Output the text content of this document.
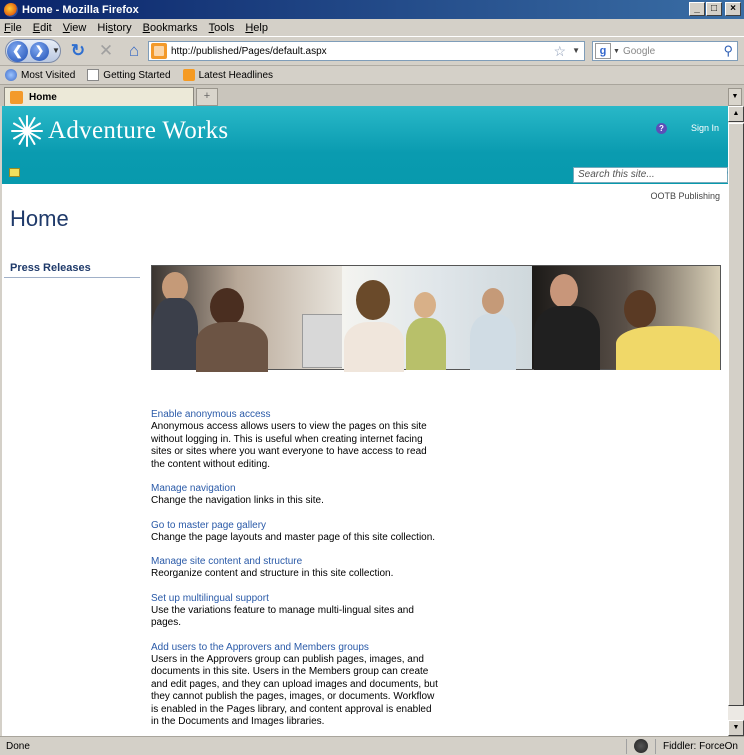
Home - Mozilla Firefox	_	□	×
File Edit View History Bookmarks Tools Help
❮	❯ ▼ ↻ ✕ ⌂	http://published/Pages/default.aspx	☆ ▼	g ▼ Google	⚲
Most Visited	Getting Started	Latest Headlines
Home	+	▼
Adventure Works	?	Sign In
Search this site...
OOTB Publishing
Home
Press Releases
Enable anonymous access
Anonymous access allows users to view the pages on this site without logging in. This is useful when creating internet facing sites or sites where you want everyone to have access to read the content without editing.
Manage navigation
Change the navigation links in this site.
Go to master page gallery
Change the page layouts and master page of this site collection.
Manage site content and structure
Reorganize content and structure in this site collection.
Set up multilingual support
Use the variations feature to manage multi-lingual sites and pages.
Add users to the Approvers and Members groups
Users in the Approvers group can publish pages, images, and documents in this site. Users in the Members group can create and edit pages, and they can upload images and documents, but they cannot publish the pages, images, or documents. Workflow is enabled in the Pages library, and content approval is enabled in the Documents and Images libraries.
▲
▼
Done	Fiddler: ForceOn
